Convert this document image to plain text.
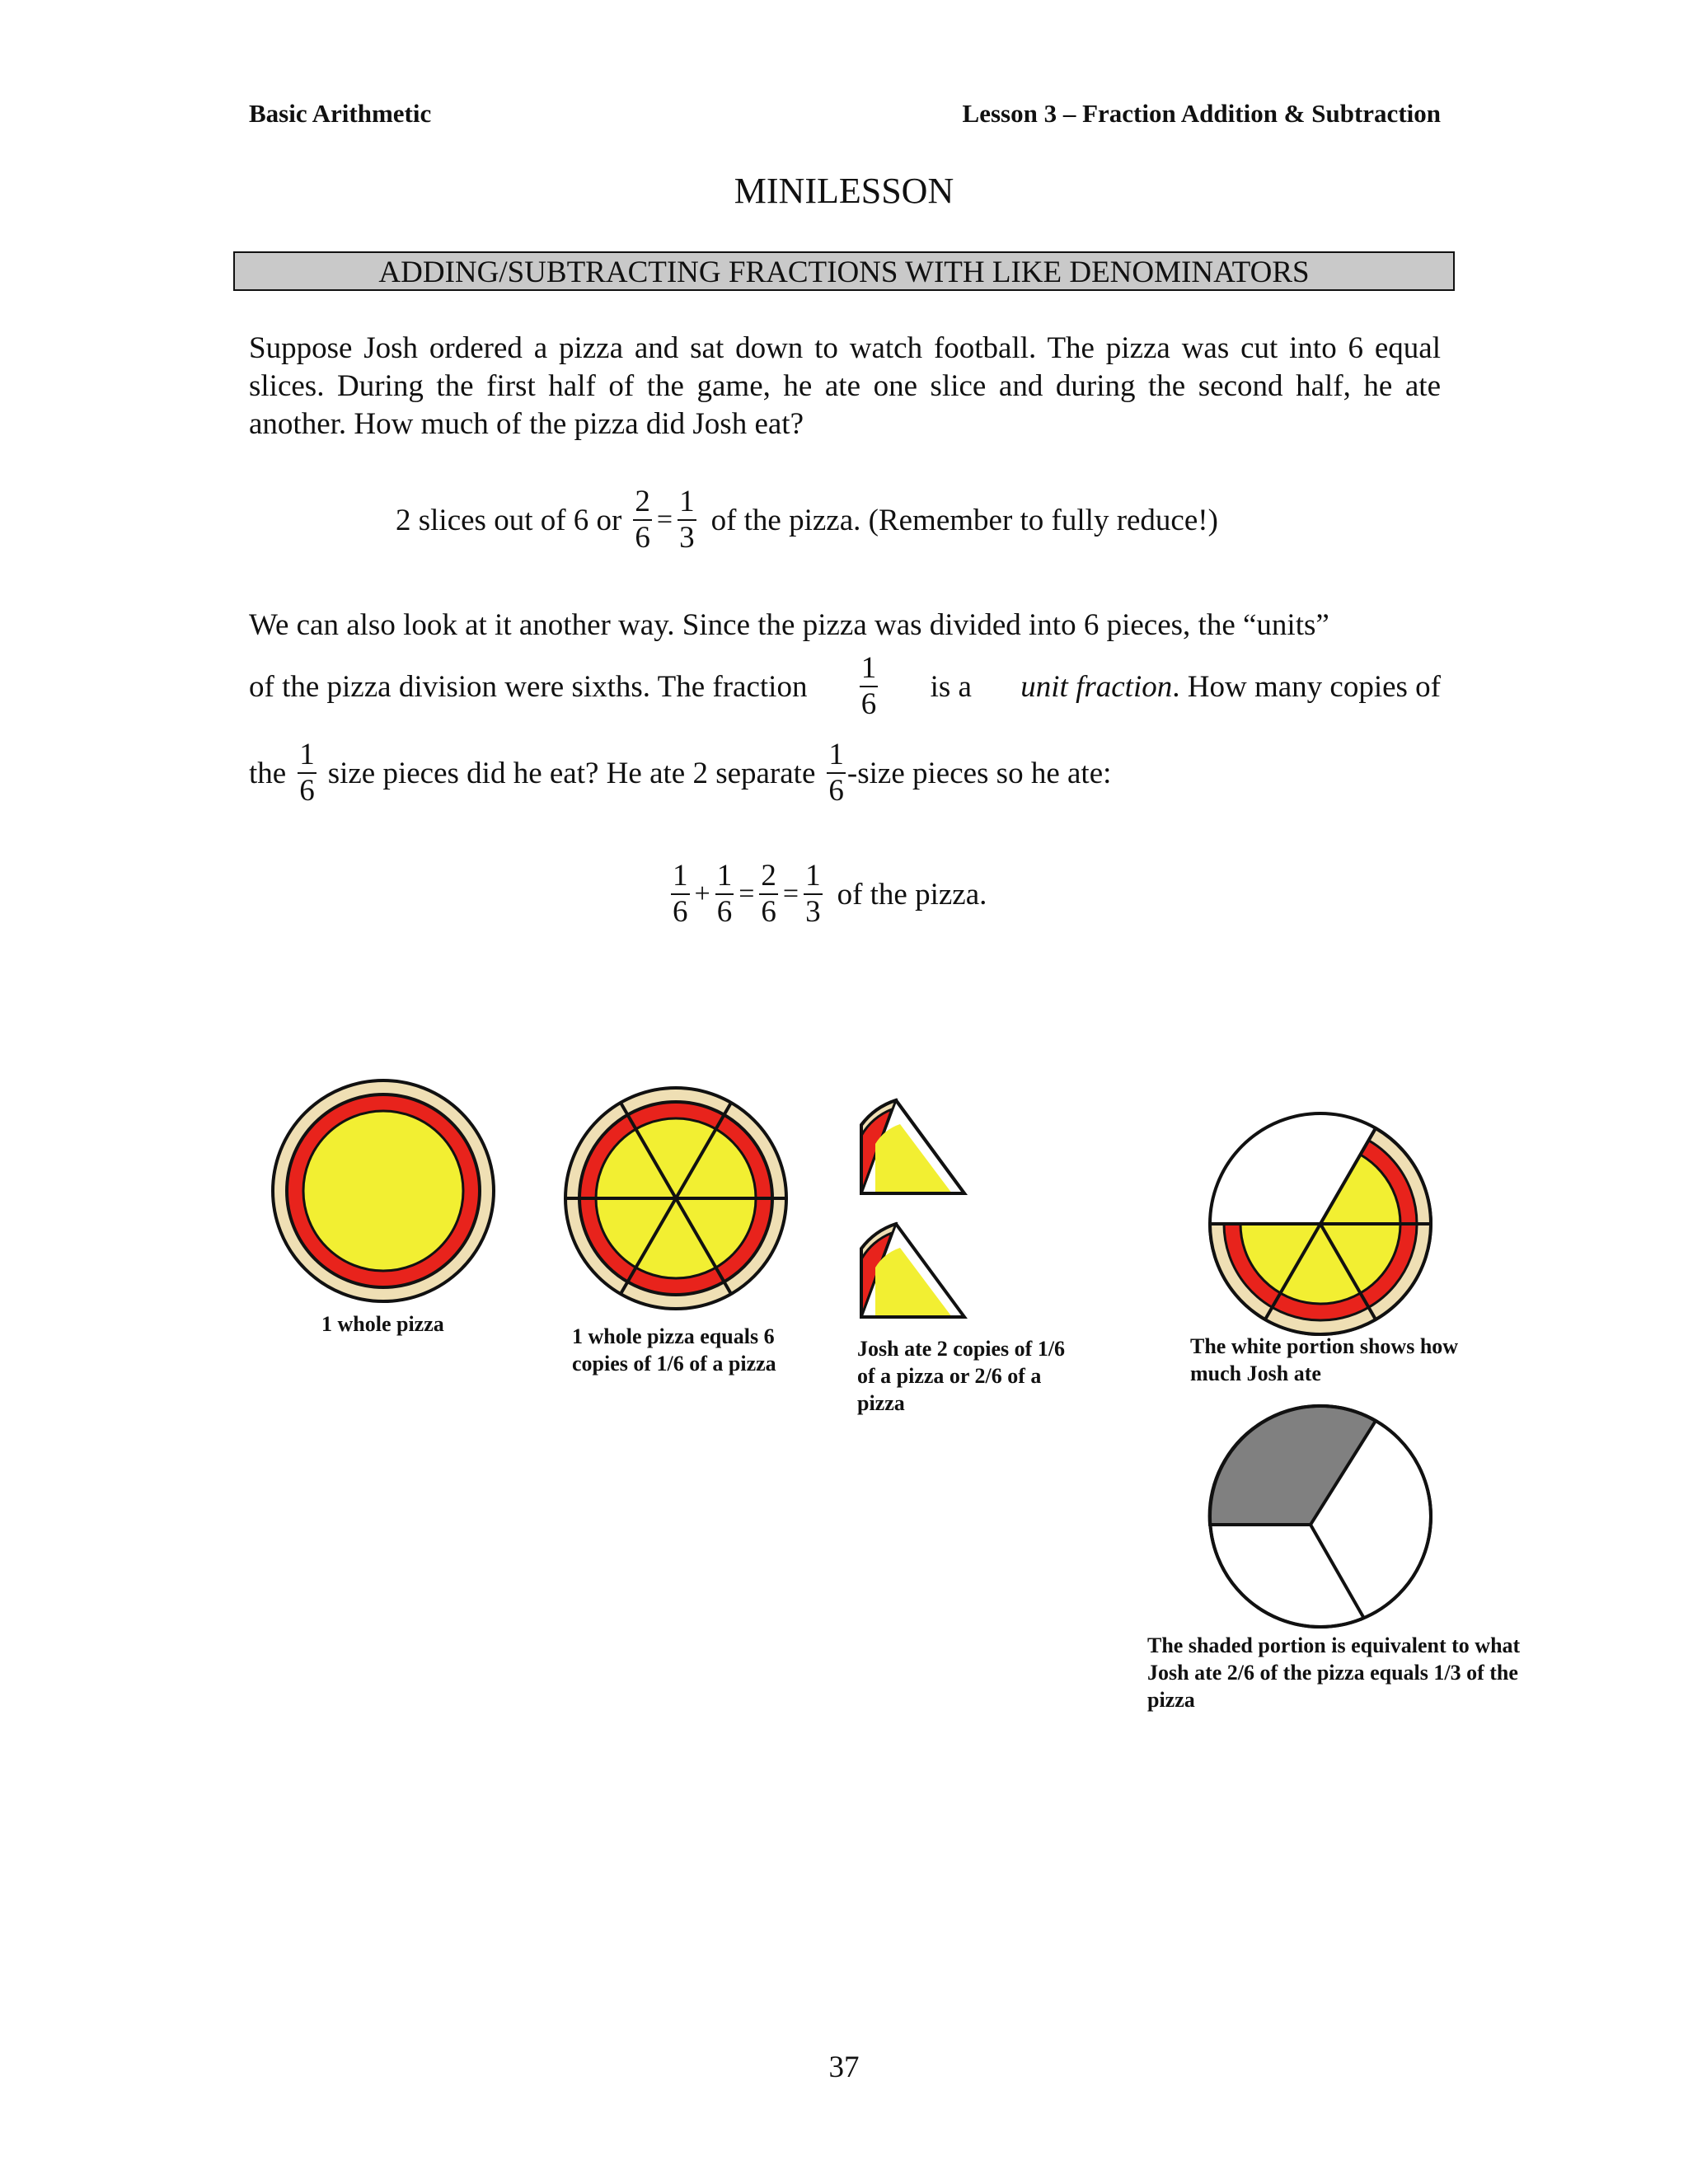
Basic Arithmetic	Lesson 3 – Fraction Addition & Subtraction
MINILESSON
ADDING/SUBTRACTING FRACTIONS WITH LIKE DENOMINATORS
Suppose Josh ordered a pizza and sat down to watch football. The pizza was cut into 6 equal slices. During the first half of the game, he ate one slice and during the second half, he ate another. How much of the pizza did Josh eat?
2 slices out of 6 or $\frac{2}{6} = \frac{1}{3}$ of the pizza. (Remember to fully reduce!)
We can also look at it another way. Since the pizza was divided into 6 pieces, the “units”
of the pizza division were sixths. The fraction $\frac{1}{6}$ is a unit fraction. How many copies of
the $\frac{1}{6}$ size pieces did he eat? He ate 2 separate $\frac{1}{6}$ -size pieces so he ate:
$\frac{1}{6} + \frac{1}{6} = \frac{2}{6} = \frac{1}{3}$ of the pizza.
1 whole pizza
1 whole pizza equals 6 copies of 1/6 of a pizza
Josh ate 2 copies of 1/6 of a pizza or 2/6 of a pizza
The white portion shows how much Josh ate
The shaded portion is equivalent to what Josh ate 2/6 of the pizza equals 1/3 of the pizza
37
